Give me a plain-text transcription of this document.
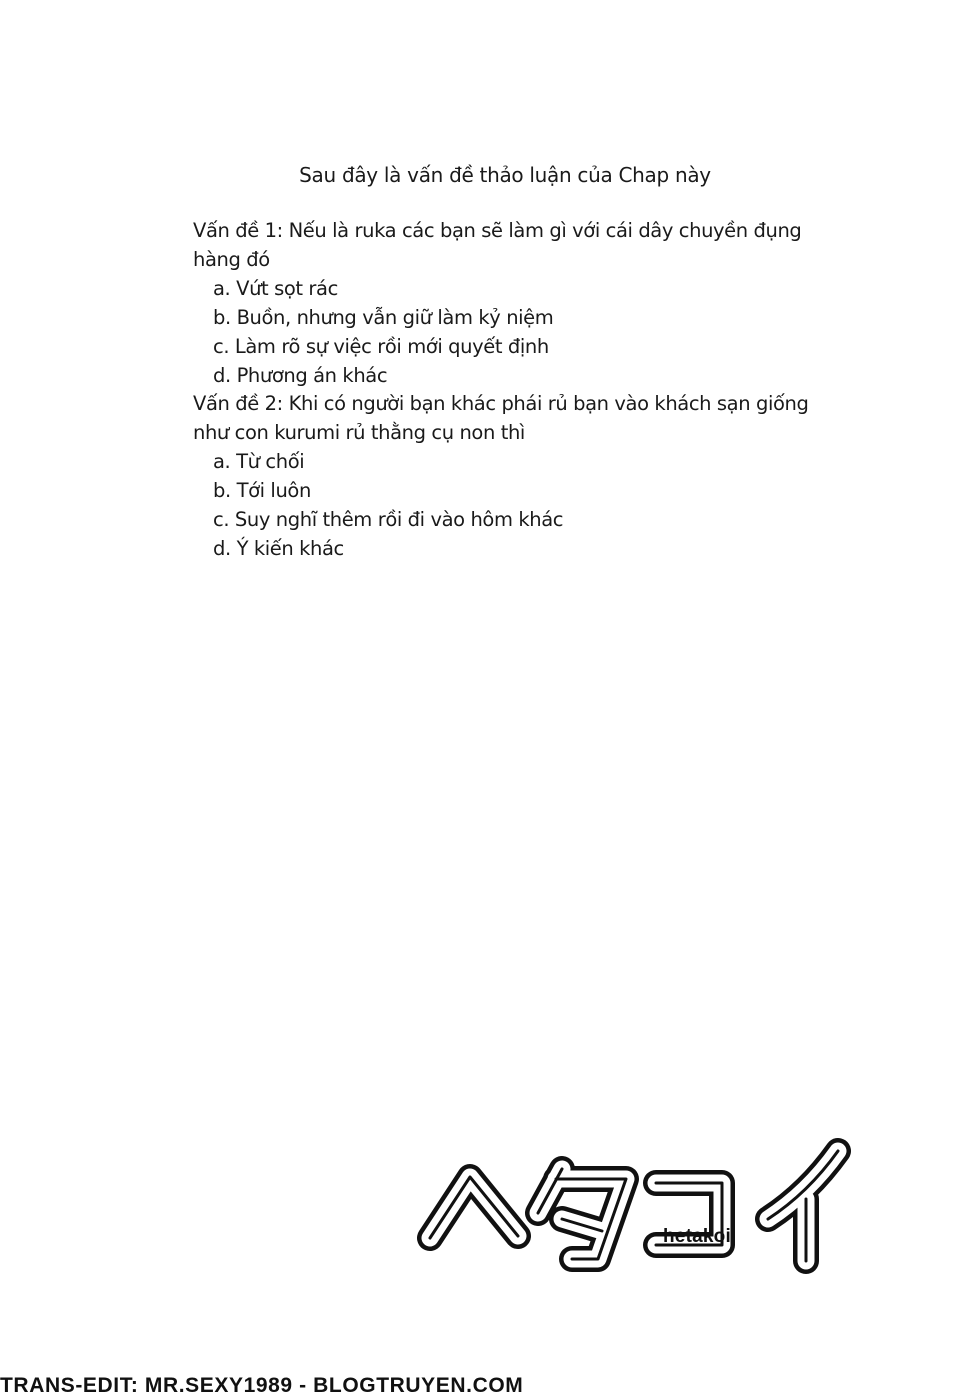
Sau đây là vấn đề thảo luận của Chap này

Vấn đề 1: Nếu là ruka các bạn sẽ làm gì với cái dây chuyền đụng hàng đó

a. Vứt sọt rác
b. Buồn, nhưng vẫn giữ làm kỷ niệm
c. Làm rõ sự việc rồi mới quyết định
d. Phương án khác

Vấn đề 2: Khi có người bạn khác phái rủ bạn vào khách sạn giống như con kurumi rủ thằng cụ non thì

a. Từ chối
b. Tới luôn
c. Suy nghĩ thêm rồi đi vào hôm khác
d. Ý kiến khác
hetakoi
TRANS-EDIT: MR.SEXY1989 - BLOGTRUYEN.COM
